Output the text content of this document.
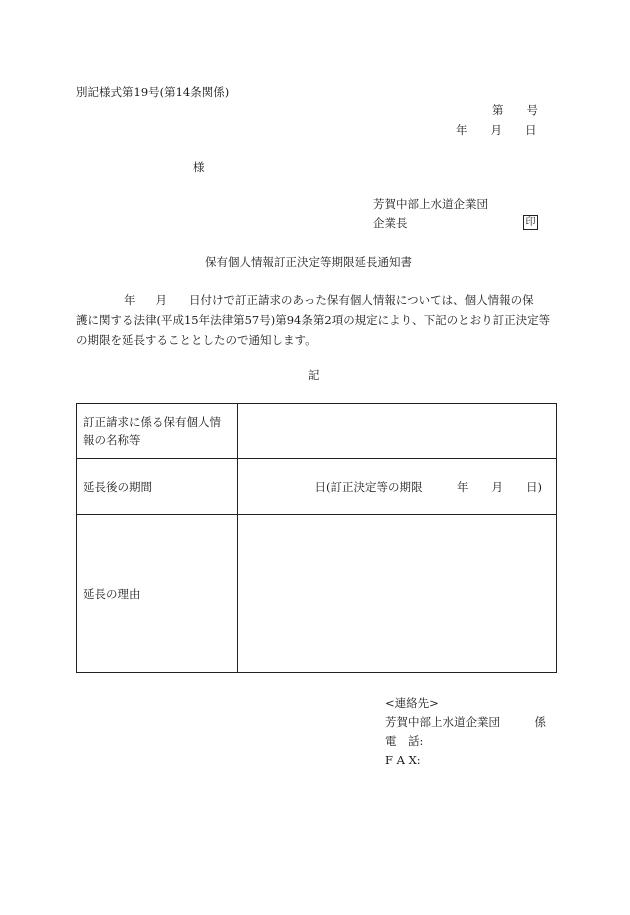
別記様式第19号(第14条関係)
第　　号
年　　月　　日
様
芳賀中部上水道企業団
企業長	印
保有個人情報訂正決定等期限延長通知書

年 月 日付けで訂正請求のあった保有個人情報については、個人情報の保

護に関する法律(平成15年法律第57号)第94条第2項の規定により、下記のとおり訂正決定等

の期限を延長することとしたので通知します。

記
訂正請求に係る保有個人情報の名称等	
延長後の期間	日(訂正決定等の期限　　　年　　月　　日)
延長の理由	
<連絡先>
芳賀中部上水道企業団　　　係
電　話:
F A X:
